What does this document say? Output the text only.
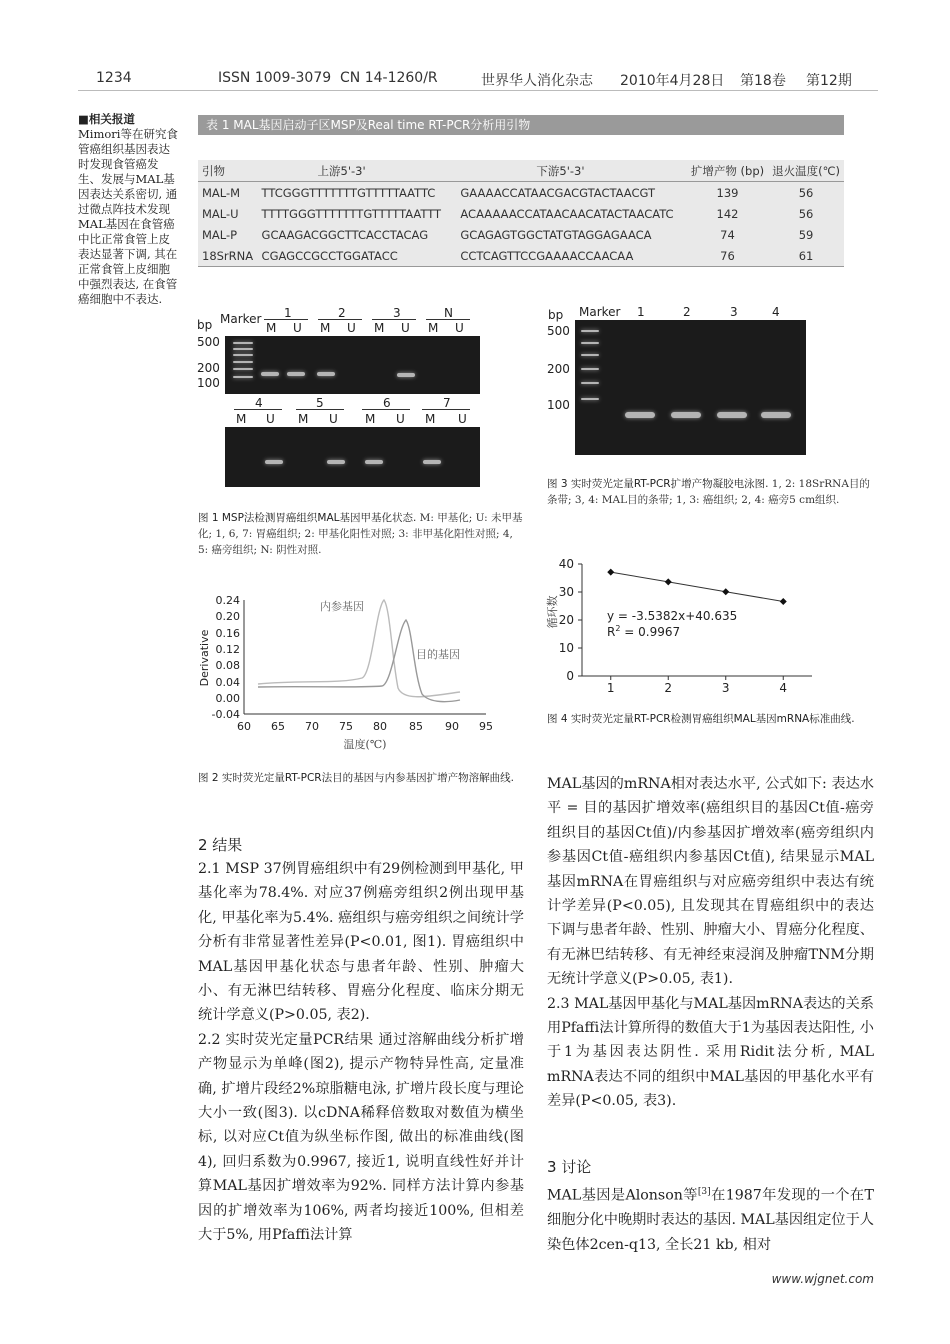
1234	ISSN 1009-3079 CN 14-1260/R	世界华人消化杂志 2010年4月28日 第18卷 第12期
■相关报道
Mimori等在研究食管癌组织基因表达时发现食管癌发生、发展与MAL基因表达关系密切, 通过微点阵技术发现MAL基因在食管癌中比正常食管上皮表达显著下调, 其在正常食管上皮细胞中强烈表达, 在食管癌细胞中不表达.
表 1 MAL基因启动子区MSP及Real time RT-PCR分析用引物
引物	上游5'-3'	下游5'-3'	扩增产物 (bp)	退火温度(℃)
MAL-M	TTCGGGTTTTTTTGTTTTTAATTC	GAAAACCATAACGACGTACTAACGT	139	56
MAL-U	TTTTGGGTTTTTTTGTTTTTAATTT	ACAAAAACCATAACAACATACTAACATC	142	56
MAL-P	GCAAGACGGCTTCACCTACAG	GCAGAGTGGCTATGTAGGAGAACA	74	59
18SrRNA	CGAGCCGCCTGGATACC	CCTCAGTTCCGAAAACCAACAA	76	61
bp Marker
500
200
100
1	2	3	N
M U M U M U M U
4	5	6	7
M U M U M U M U
图 1 MSP法检测胃癌组织MAL基因甲基化状态. M: 甲基化; U: 未甲基化; 1, 6, 7: 胃癌组织; 2: 甲基化阳性对照; 3: 非甲基化阳性对照; 4, 5: 癌旁组织; N: 阴性对照.
bp Marker 1	2	3	4
500
200
100
图 3 实时荧光定量RT-PCR扩增产物凝胶电泳图. 1, 2: 18SrRNA目的条带; 3, 4: MAL目的条带; 1, 3: 癌组织; 2, 4: 癌旁5 cm组织.
0.24
0.20
0.16
0.12
0.08
0.04
0.00
-0.04
60 65 70 75 80 85 90 95
温度(℃)
Derivative
内参基因
目的基因
图 2 实时荧光定量RT-PCR法目的基因与内参基因扩增产物溶解曲线.
0
10
20
30
40
1	2	3	4
循环数	y = -3.5382x+40.635
$R^2 = 0.9967$
图 4 实时荧光定量RT-PCR检测胃癌组织MAL基因mRNA标准曲线.
2 结果

2.1 MSP 37例胃癌组织中有29例检测到甲基化, 甲基化率为78.4%. 对应37例癌旁组织2例出现甲基化, 甲基化率为5.4%. 癌组织与癌旁组织之间统计学分析有非常显著性差异(P<0.01, 图1). 胃癌组织中MAL基因甲基化状态与患者年龄、性别、肿瘤大小、有无淋巴结转移、胃癌分化程度、临床分期无统计学意义(P>0.05, 表2).

2.2 实时荧光定量PCR结果 通过溶解曲线分析扩增产物显示为单峰(图2), 提示产物特异性高, 定量准确, 扩增片段经2%琼脂糖电泳, 扩增片段长度与理论大小一致(图3). 以cDNA稀释倍数取对数值为横坐标, 以对应Ct值为纵坐标作图, 做出的标准曲线(图4), 回归系数为0.9967, 接近1, 说明直线性好并计算MAL基因扩增效率为92%. 同样方法计算内参基因的扩增效率为106%, 两者均接近100%, 但相差大于5%, 用Pfaffi法计算

MAL基因的mRNA相对表达水平, 公式如下: 表达水平 = 目的基因扩增效率(癌组织目的基因Ct值-癌旁组织目的基因Ct值)/内参基因扩增效率(癌旁组织内参基因Ct值-癌组织内参基因Ct值), 结果显示MAL基因mRNA在胃癌组织与对应癌旁组织中表达有统计学差异(P<0.05), 且发现其在胃癌组织中的表达下调与患者年龄、性别、肿瘤大小、胃癌分化程度、有无淋巴结转移、有无神经束浸润及肿瘤TNM分期无统计学意义(P>0.05, 表1).

2.3 MAL基因甲基化与MAL基因mRNA表达的关系 用Pfaffi法计算所得的数值大于1为基因表达阳性, 小于1为基因表达阴性. 采用Ridit法分析, MAL mRNA表达不同的组织中MAL基因的甲基化水平有差异(P<0.05, 表3).

3 讨论

MAL基因是Alonson等[3]在1987年发现的一个在T细胞分化中晚期时表达的基因. MAL基因组定位于人染色体2cen-q13, 全长21 kb, 相对

www.wjgnet.com
